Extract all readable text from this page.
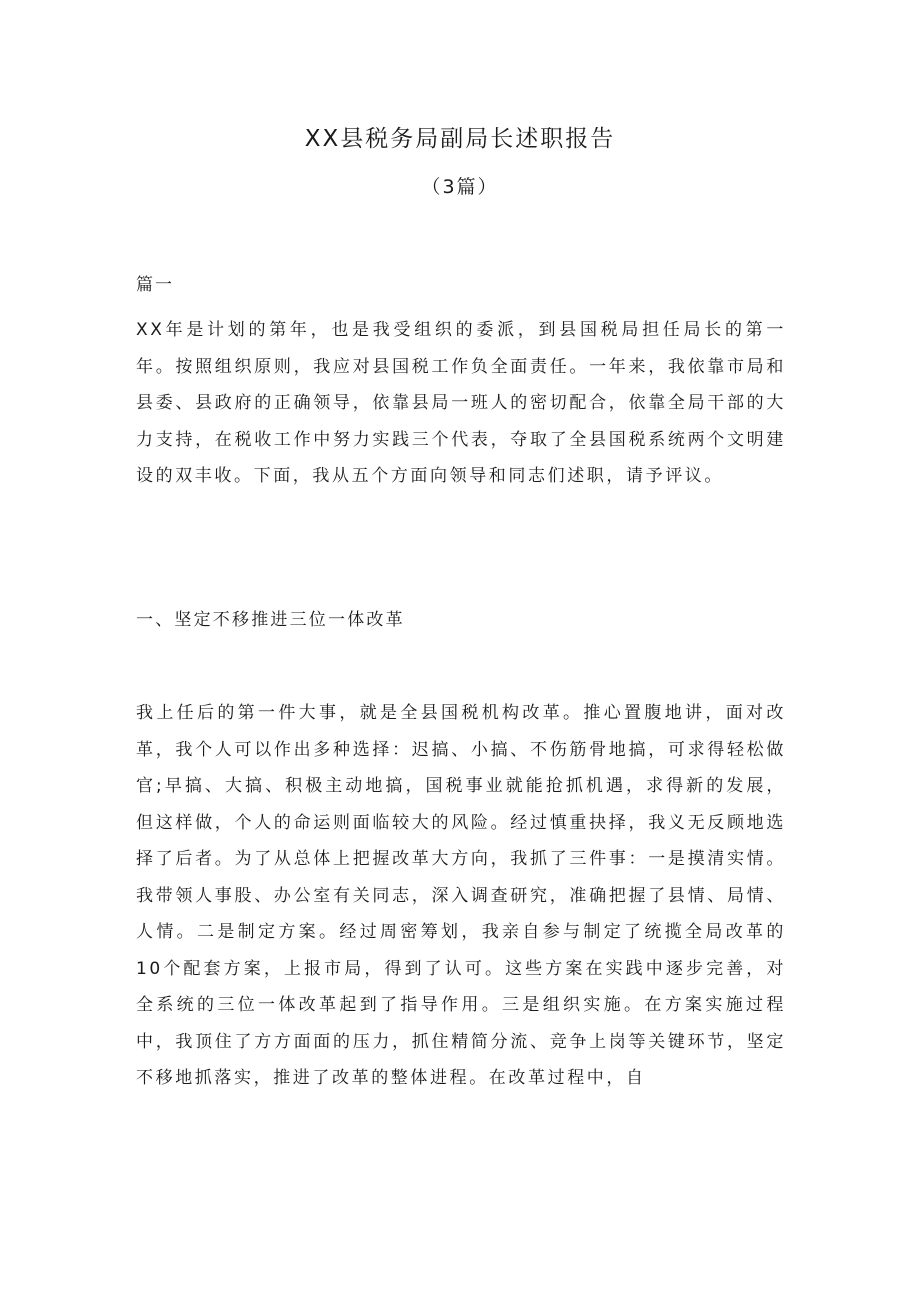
XX县税务局副局长述职报告
（3篇）
篇一

XX年是计划的第年，也是我受组织的委派，到县国税局担任局长的第一年。按照组织原则，我应对县国税工作负全面责任。一年来，我依靠市局和县委、县政府的正确领导，依靠县局一班人的密切配合，依靠全局干部的大力支持，在税收工作中努力实践三个代表，夺取了全县国税系统两个文明建设的双丰收。下面，我从五个方面向领导和同志们述职，请予评议。

一、坚定不移推进三位一体改革

我上任后的第一件大事，就是全县国税机构改革。推心置腹地讲，面对改革，我个人可以作出多种选择：迟搞、小搞、不伤筋骨地搞，可求得轻松做官;早搞、大搞、积极主动地搞，国税事业就能抢抓机遇，求得新的发展，但这样做，个人的命运则面临较大的风险。经过慎重抉择，我义无反顾地选择了后者。为了从总体上把握改革大方向，我抓了三件事：一是摸清实情。我带领人事股、办公室有关同志，深入调查研究，准确把握了县情、局情、人情。二是制定方案。经过周密筹划，我亲自参与制定了统揽全局改革的10个配套方案，上报市局，得到了认可。这些方案在实践中逐步完善，对全系统的三位一体改革起到了指导作用。三是组织实施。在方案实施过程中，我顶住了方方面面的压力，抓住精简分流、竞争上岗等关键环节，坚定不移地抓落实，推进了改革的整体进程。在改革过程中，自
